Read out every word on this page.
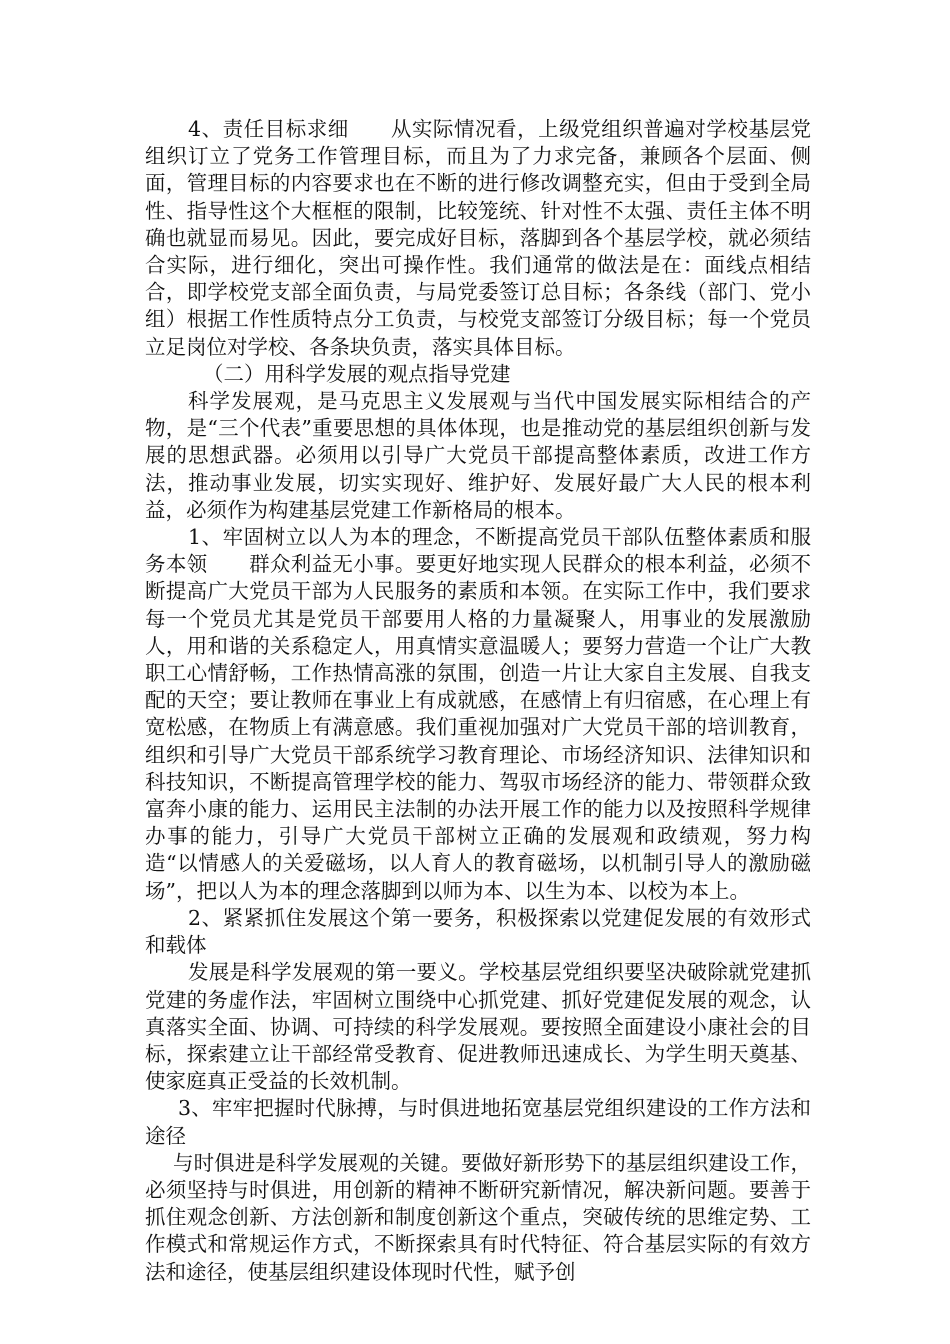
4、责任目标求细　　从实际情况看，上级党组织普遍对学校基层党组织订立了党务工作管理目标，而且为了力求完备，兼顾各个层面、侧面，管理目标的内容要求也在不断的进行修改调整充实，但由于受到全局性、指导性这个大框框的限制，比较笼统、针对性不太强、责任主体不明确也就显而易见。因此，要完成好目标，落脚到各个基层学校，就必须结合实际，进行细化，突出可操作性。我们通常的做法是在：面线点相结合，即学校党支部全面负责，与局党委签订总目标；各条线（部门、党小组）根据工作性质特点分工负责，与校党支部签订分级目标；每一个党员立足岗位对学校、各条块负责，落实具体目标。

（二）用科学发展的观点指导党建

科学发展观，是马克思主义发展观与当代中国发展实际相结合的产物，是“三个代表”重要思想的具体体现，也是推动党的基层组织创新与发展的思想武器。必须用以引导广大党员干部提高整体素质，改进工作方法，推动事业发展，切实实现好、维护好、发展好最广大人民的根本利益，必须作为构建基层党建工作新格局的根本。

1、牢固树立以人为本的理念，不断提高党员干部队伍整体素质和服务本领　　群众利益无小事。要更好地实现人民群众的根本利益，必须不断提高广大党员干部为人民服务的素质和本领。在实际工作中，我们要求每一个党员尤其是党员干部要用人格的力量凝聚人，用事业的发展激励人，用和谐的关系稳定人，用真情实意温暖人；要努力营造一个让广大教职工心情舒畅，工作热情高涨的氛围，创造一片让大家自主发展、自我支配的天空；要让教师在事业上有成就感，在感情上有归宿感，在心理上有宽松感，在物质上有满意感。我们重视加强对广大党员干部的培训教育，组织和引导广大党员干部系统学习教育理论、市场经济知识、法律知识和科技知识，不断提高管理学校的能力、驾驭市场经济的能力、带领群众致富奔小康的能力、运用民主法制的办法开展工作的能力以及按照科学规律办事的能力，引导广大党员干部树立正确的发展观和政绩观，努力构造“以情感人的关爱磁场，以人育人的教育磁场，以机制引导人的激励磁场”，把以人为本的理念落脚到以师为本、以生为本、以校为本上。

2、紧紧抓住发展这个第一要务，积极探索以党建促发展的有效形式和载体

发展是科学发展观的第一要义。学校基层党组织要坚决破除就党建抓党建的务虚作法，牢固树立围绕中心抓党建、抓好党建促发展的观念，认真落实全面、协调、可持续的科学发展观。要按照全面建设小康社会的目标，探索建立让干部经常受教育、促进教师迅速成长、为学生明天奠基、使家庭真正受益的长效机制。

3、牢牢把握时代脉搏，与时俱进地拓宽基层党组织建设的工作方法和途径

与时俱进是科学发展观的关键。要做好新形势下的基层组织建设工作，必须坚持与时俱进，用创新的精神不断研究新情况，解决新问题。要善于抓住观念创新、方法创新和制度创新这个重点，突破传统的思维定势、工作模式和常规运作方式，不断探索具有时代特征、符合基层实际的有效方法和途径，使基层组织建设体现时代性，赋予创
